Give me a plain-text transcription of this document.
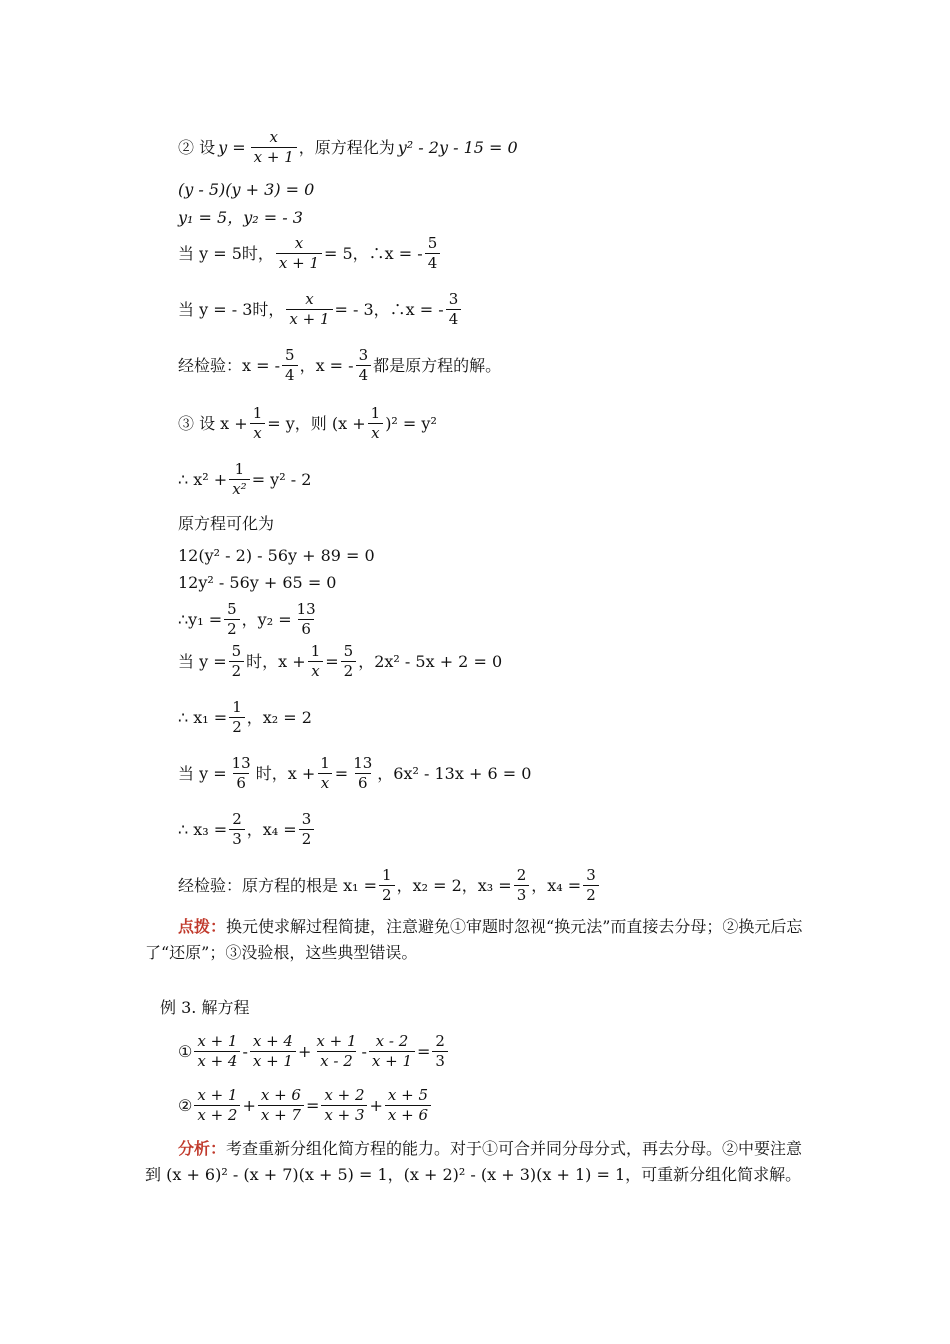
② 设 $y = \frac{x}{x + 1}$ ，原方程化为 y² - 2y - 15 = 0
(y - 5)(y + 3) = 0
y₁ = 5，y₂ = - 3
当 y = 5时， $\frac{x}{x + 1} = 5$，∴x = - $\frac{5}{4}$
当 y = - 3时， $\frac{x}{x + 1}$ = - 3，∴x = - $\frac{3}{4}$
经检验：x = - $\frac{5}{4}$ ，x = - $\frac{3}{4}$ 都是原方程的解。
③ 设 $x + \frac{1}{x} = y$，则 $(x + \frac{1}{x} )^2 = y^2$
∴ $x^2 + \frac{1}{\text{x²}} = y^2 - 2$
原方程可化为
12(y² - 2) - 56y + 89 = 0
12y² - 56y + 65 = 0
∴y₁ = $\frac{5}{2}$ ，$y_2 = \frac{13}{6}$
当 $y = \frac{5}{2}$ 时，$x + \frac{1}{x} = \frac{5}{2}$ ，2x² - 5x + 2 = 0
∴ $x_1 = \frac{1}{2}$ ，x₂ = 2
当 $y = \frac{13}{6}$ 时，$x + \frac{1}{x} = \frac{13}{6}$ ，6x² - 13x + 6 = 0
∴ $x_3 = \frac{2}{3}$ ，$x_4 = \frac{3}{2}$
经检验：原方程的根是 $x_1 = \frac{1}{2}$ ，x₂ = 2，$x_3 = \frac{2}{3}$ ，$x_4 = \frac{3}{2}$
点拨：换元使求解过程简捷，注意避免①审题时忽视“换元法”而直接去分母；②换元后忘了“还原”；③没验根，这些典型错误。
例 3. 解方程
① $\frac{x + 1}{x + 4} - \frac{x + 4}{x + 1} + \frac{x + 1}{x - 2} - \frac{x - 2}{x + 1} = \frac{2}{3}$
② $\frac{x + 1}{x + 2} + \frac{x + 6}{x + 7} = \frac{x + 2}{x + 3} + \frac{x + 5}{x + 6}$
分析：考查重新分组化简方程的能力。对于①可合并同分母分式，再去分母。②中要注意到 (x + 6)² - (x + 7)(x + 5) = 1，(x + 2)² - (x + 3)(x + 1) = 1，可重新分组化简求解。
